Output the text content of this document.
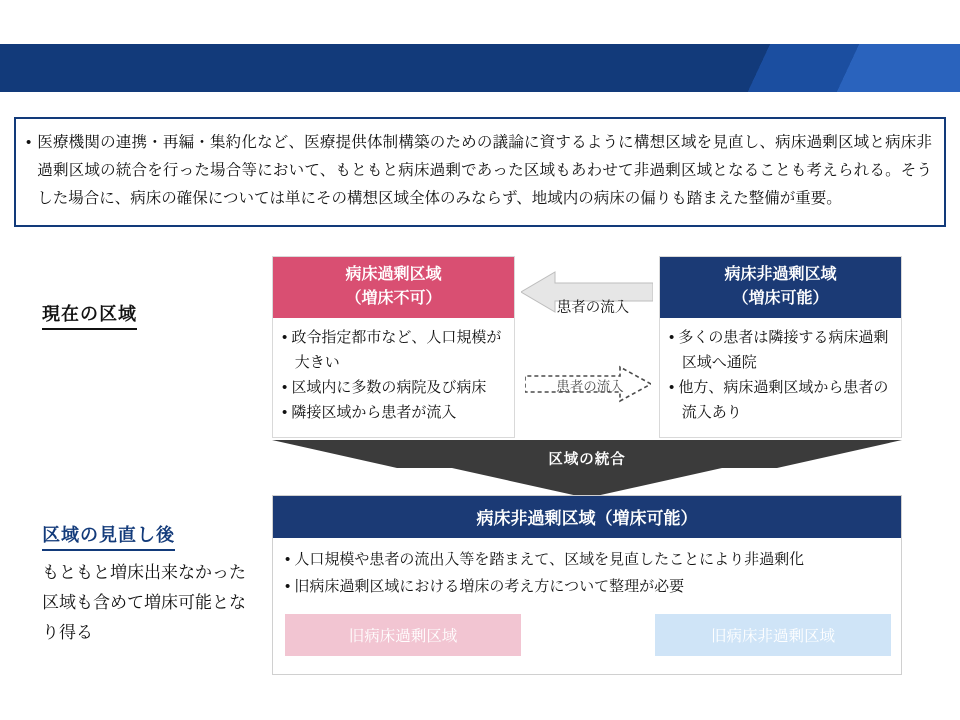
都道府県内の病床数について
• 医療機関の連携・再編・集約化など、医療提供体制構築のための議論に資するように構想区域を見直し、病床過剰区域と病床非過剰区域の統合を行った場合等において、もともと病床過剰であった区域もあわせて非過剰区域となることも考えられる。そうした場合に、病床の確保については単にその構想区域全体のみならず、地域内の病床の偏りも踏まえた整備が重要。
現在の区域
区域の見直し後
もともと増床出来なかった区域も含めて増床可能となり得る
病床過剰区域
（増床不可）
• 政令指定都市など、人口規模が大きい
• 区域内に多数の病院及び病床
• 隣接区域から患者が流入
病床非過剰区域
（増床可能）
• 多くの患者は隣接する病床過剰区域へ通院
• 他方、病床過剰区域から患者の流入あり
患者の流入
患者の流入
区域の統合
病床非過剰区域（増床可能）
• 人口規模や患者の流出入等を踏まえて、区域を見直したことにより非過剰化
• 旧病床過剰区域における増床の考え方について整理が必要
旧病床過剰区域	旧病床非過剰区域
